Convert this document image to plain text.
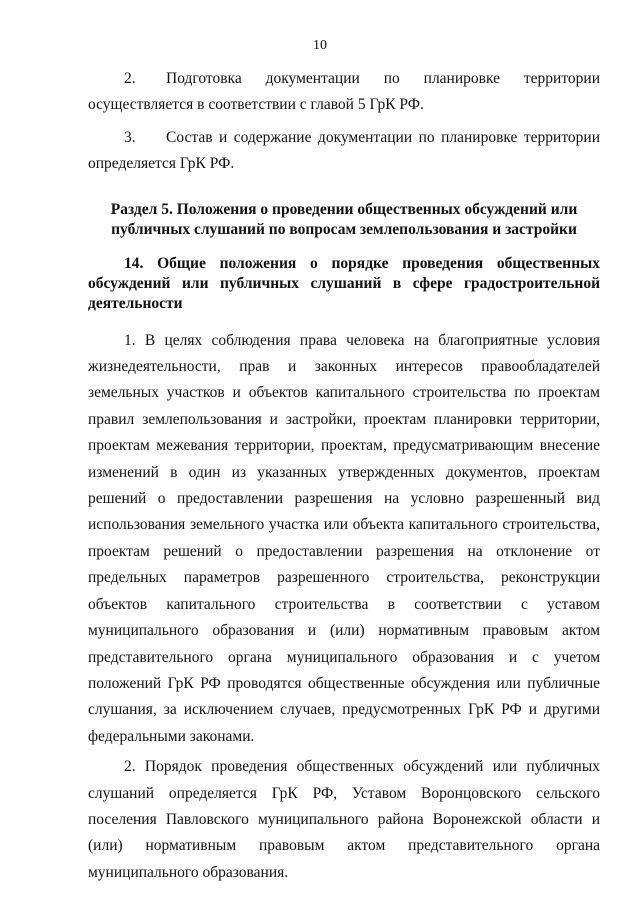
10

2. Подготовка документации по планировке территории осуществляется в соответствии с главой 5 ГрК РФ.

3. Состав и содержание документации по планировке территории определяется ГрК РФ.

Раздел 5. Положения о проведении общественных обсуждений или публичных слушаний по вопросам землепользования и застройки

14. Общие положения о порядке проведения общественных обсуждений или публичных слушаний в сфере градостроительной деятельности

1. В целях соблюдения права человека на благоприятные условия жизнедеятельности, прав и законных интересов правообладателей земельных участков и объектов капитального строительства по проектам правил землепользования и застройки, проектам планировки территории, проектам межевания территории, проектам, предусматривающим внесение изменений в один из указанных утвержденных документов, проектам решений о предоставлении разрешения на условно разрешенный вид использования земельного участка или объекта капитального строительства, проектам решений о предоставлении разрешения на отклонение от предельных параметров разрешенного строительства, реконструкции объектов капитального строительства в соответствии с уставом муниципального образования и (или) нормативным правовым актом представительного органа муниципального образования и с учетом положений ГрК РФ проводятся общественные обсуждения или публичные слушания, за исключением случаев, предусмотренных ГрК РФ и другими федеральными законами.

2. Порядок проведения общественных обсуждений или публичных слушаний определяется ГрК РФ, Уставом Воронцовского сельского поселения Павловского муниципального района Воронежской области и (или) нормативным правовым актом представительного органа муниципального образования.
